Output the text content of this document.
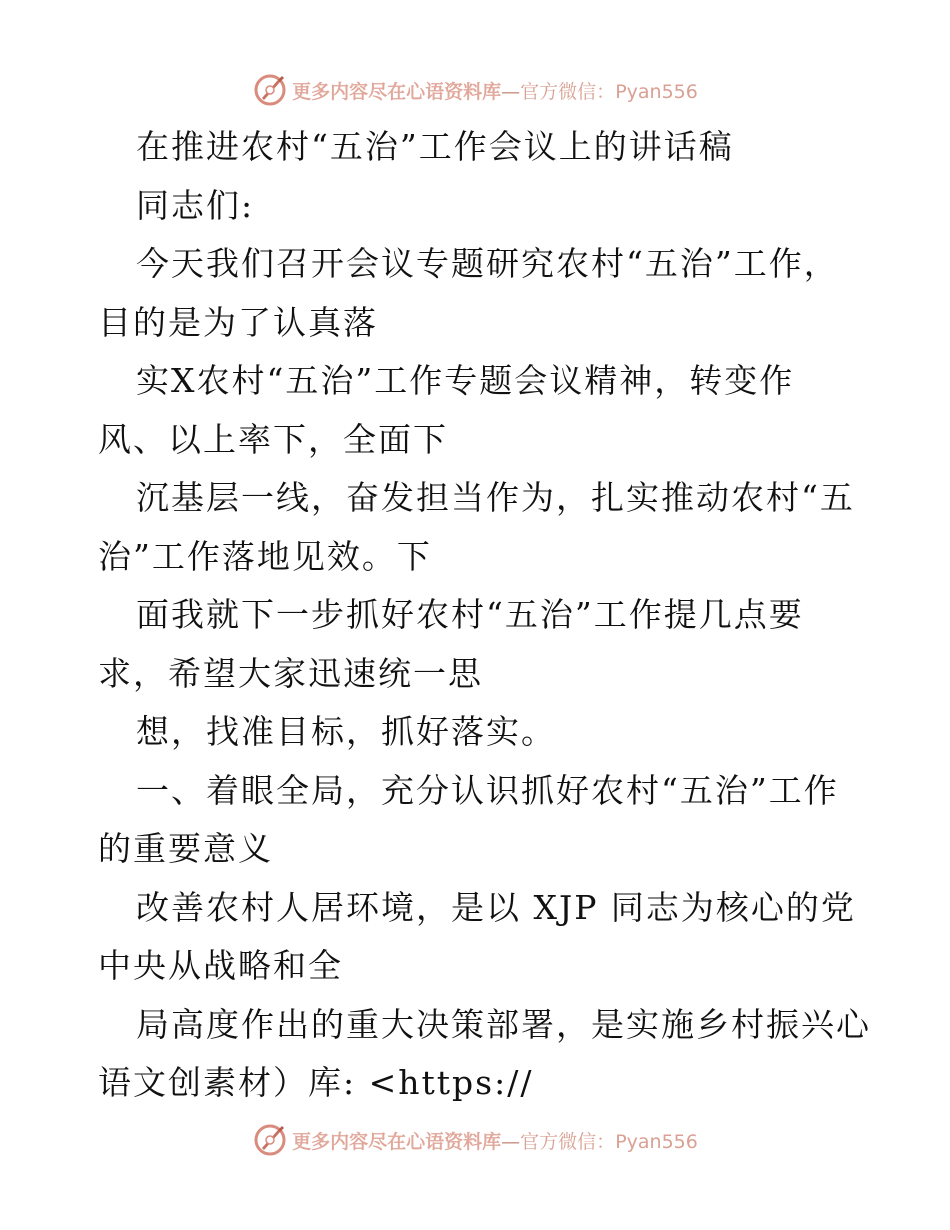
更多内容尽在心语资料库—官方微信：Pyan556
在推进农村“五治”工作会议上的讲话稿
同志们:
今天我们召开会议专题研究农村“五治”工作，
目的是为了认真落
实X农村“五治”工作专题会议精神，转变作
风、以上率下，全面下
沉基层一线，奋发担当作为，扎实推动农村“五
治”工作落地见效。下
面我就下一步抓好农村“五治”工作提几点要
求，希望大家迅速统一思
想，找准目标，抓好落实。
一、着眼全局，充分认识抓好农村“五治”工作
的重要意义
改善农村人居环境，是以 XJP 同志为核心的党
中央从战略和全
局高度作出的重大决策部署，是实施乡村振兴心
语文创素材）库: <https://
更多内容尽在心语资料库—官方微信：Pyan556
